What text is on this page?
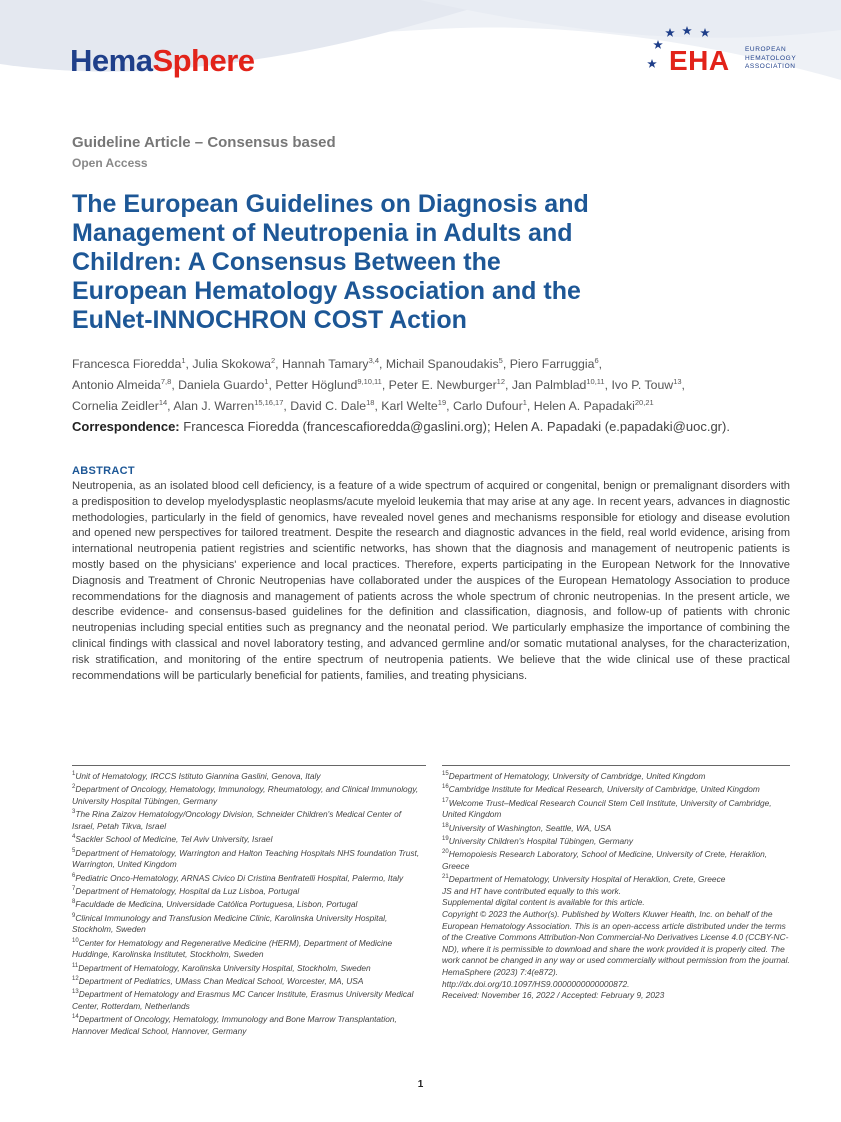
HemaSphere	EHA EUROPEAN
HEMATOLOGY
ASSOCIATION
Guideline Article – Consensus based
Open Access
The European Guidelines on Diagnosis and
Management of Neutropenia in Adults and
Children: A Consensus Between the
European Hematology Association and the
EuNet-INNOCHRON COST Action
Francesca Fioredda$^1$, Julia Skokowa$^2$, Hannah Tamary$^{3,4}$, Michail Spanoudakis$^5$, Piero Farruggia$^6$,
Antonio Almeida$^{7,8}$, Daniela Guardo$^1$, Petter Höglund$^{9,10,11}$, Peter E. Newburger$^{12}$, Jan Palmblad$^{10,11}$, Ivo P. Touw$^{13}$,
Cornelia Zeidler$^{14}$, Alan J. Warren$^{15,16,17}$, David C. Dale$^{18}$, Karl Welte$^{19}$, Carlo Dufour$^1$, Helen A. Papadaki$^{20,21}$
Correspondence: Francesca Fioredda (francescafioredda@gaslini.org); Helen A. Papadaki (e.papadaki@uoc.gr).
ABSTRACT
Neutropenia, as an isolated blood cell deficiency, is a feature of a wide spectrum of acquired or congenital, benign or premalignant disorders with a predisposition to develop myelodysplastic neoplasms/acute myeloid leukemia that may arise at any age. In recent years, advances in diagnostic methodologies, particularly in the field of genomics, have revealed novel genes and mechanisms responsible for etiology and disease evolution and opened new perspectives for tailored treatment. Despite the research and diagnostic advances in the field, real world evidence, arising from international neutropenia patient registries and scientific networks, has shown that the diagnosis and management of neutropenic patients is mostly based on the physicians' experience and local practices. Therefore, experts participating in the European Network for the Innovative Diagnosis and Treatment of Chronic Neutropenias have collaborated under the auspices of the European Hematology Association to produce recommendations for the diagnosis and management of patients across the whole spectrum of chronic neutropenias. In the present article, we describe evidence- and consensus-based guidelines for the definition and classification, diagnosis, and follow-up of patients with chronic neutropenias including special entities such as pregnancy and the neonatal period. We particularly emphasize the importance of combining the clinical findings with classical and novel laboratory testing, and advanced germline and/or somatic mutational analyses, for the characterization, risk stratification, and monitoring of the entire spectrum of neutropenia patients. We believe that the wide clinical use of these practical recommendations will be particularly beneficial for patients, families, and treating physicians.
$^1$Unit of Hematology, IRCCS Istituto Giannina Gaslini, Genova, Italy
$^2$Department of Oncology, Hematology, Immunology, Rheumatology, and Clinical Immunology, University Hospital Tübingen, Germany
$^3$The Rina Zaizov Hematology/Oncology Division, Schneider Children's Medical Center of Israel, Petah Tikva, Israel
$^4$Sackler School of Medicine, Tel Aviv University, Israel
$^5$Department of Hematology, Warrington and Halton Teaching Hospitals NHS foundation Trust, Warrington, United Kingdom
$^6$Pediatric Onco-Hematology, ARNAS Civico Di Cristina Benfratelli Hospital, Palermo, Italy
$^7$Department of Hematology, Hospital da Luz Lisboa, Portugal
$^8$Faculdade de Medicina, Universidade Católica Portuguesa, Lisbon, Portugal
$^9$Clinical Immunology and Transfusion Medicine Clinic, Karolinska University Hospital, Stockholm, Sweden
$^{10}$Center for Hematology and Regenerative Medicine (HERM), Department of Medicine Huddinge, Karolinska Institutet, Stockholm, Sweden
$^{11}$Department of Hematology, Karolinska University Hospital, Stockholm, Sweden
$^{12}$Department of Pediatrics, UMass Chan Medical School, Worcester, MA, USA
$^{13}$Department of Hematology and Erasmus MC Cancer Institute, Erasmus University Medical Center, Rotterdam, Netherlands
$^{14}$Department of Oncology, Hematology, Immunology and Bone Marrow Transplantation, Hannover Medical School, Hannover, Germany
$^{15}$Department of Hematology, University of Cambridge, United Kingdom
$^{16}$Cambridge Institute for Medical Research, University of Cambridge, United Kingdom
$^{17}$Welcome Trust–Medical Research Council Stem Cell Institute, University of Cambridge, United Kingdom
$^{18}$University of Washington, Seattle, WA, USA
$^{19}$University Children's Hospital Tübingen, Germany
$^{20}$Hemopoiesis Research Laboratory, School of Medicine, University of Crete, Heraklion, Greece
$^{21}$Department of Hematology, University Hospital of Heraklion, Crete, Greece
JS and HT have contributed equally to this work.
Supplemental digital content is available for this article.
Copyright © 2023 the Author(s). Published by Wolters Kluwer Health, Inc. on behalf of the European Hematology Association. This is an open-access article distributed under the terms of the Creative Commons Attribution-Non Commercial-No Derivatives License 4.0 (CCBY-NC-ND), where it is permissible to download and share the work provided it is properly cited. The work cannot be changed in any way or used commercially without permission from the journal.
HemaSphere (2023) 7:4(e872).
http://dx.doi.org/10.1097/HS9.0000000000000872.
Received: November 16, 2022 / Accepted: February 9, 2023
1
